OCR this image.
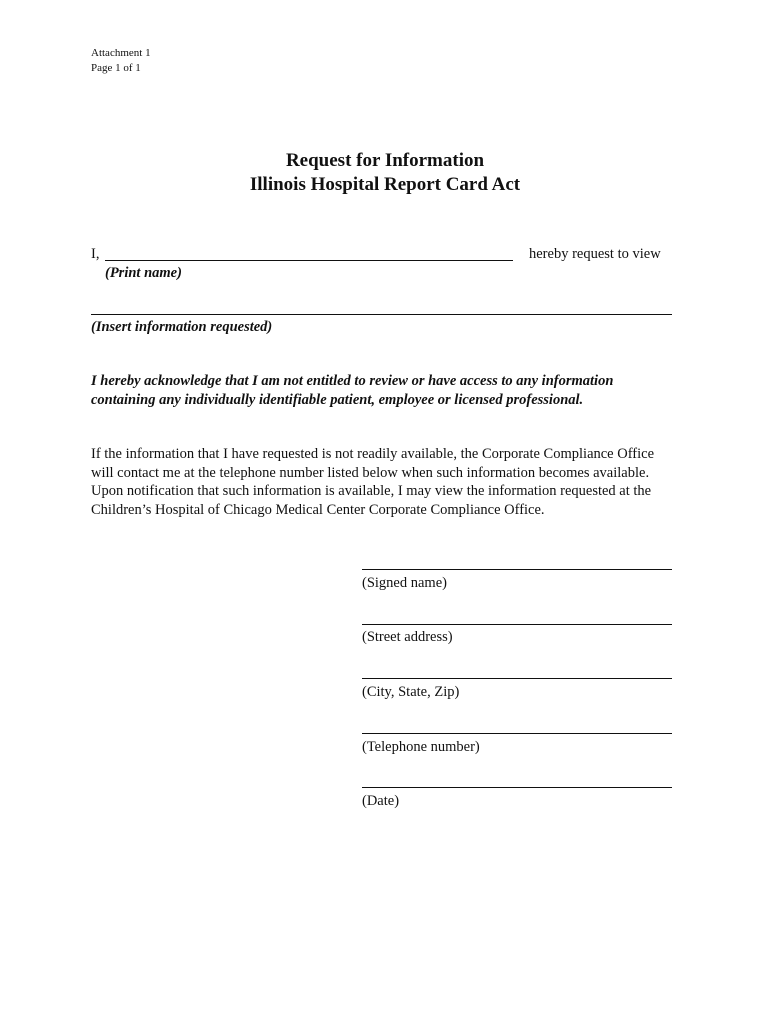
Attachment 1
Page 1 of 1
Request for Information
Illinois Hospital Report Card Act
I,	hereby request to view
(Print name)
(Insert information requested)
I hereby acknowledge that I am not entitled to review or have access to any information
containing any individually identifiable patient, employee or licensed professional.
If the information that I have requested is not readily available, the Corporate Compliance Office
will contact me at the telephone number listed below when such information becomes available.
Upon notification that such information is available, I may view the information requested at the
Children’s Hospital of Chicago Medical Center Corporate Compliance Office.
(Signed name)
(Street address)
(City, State, Zip)
(Telephone number)
(Date)
